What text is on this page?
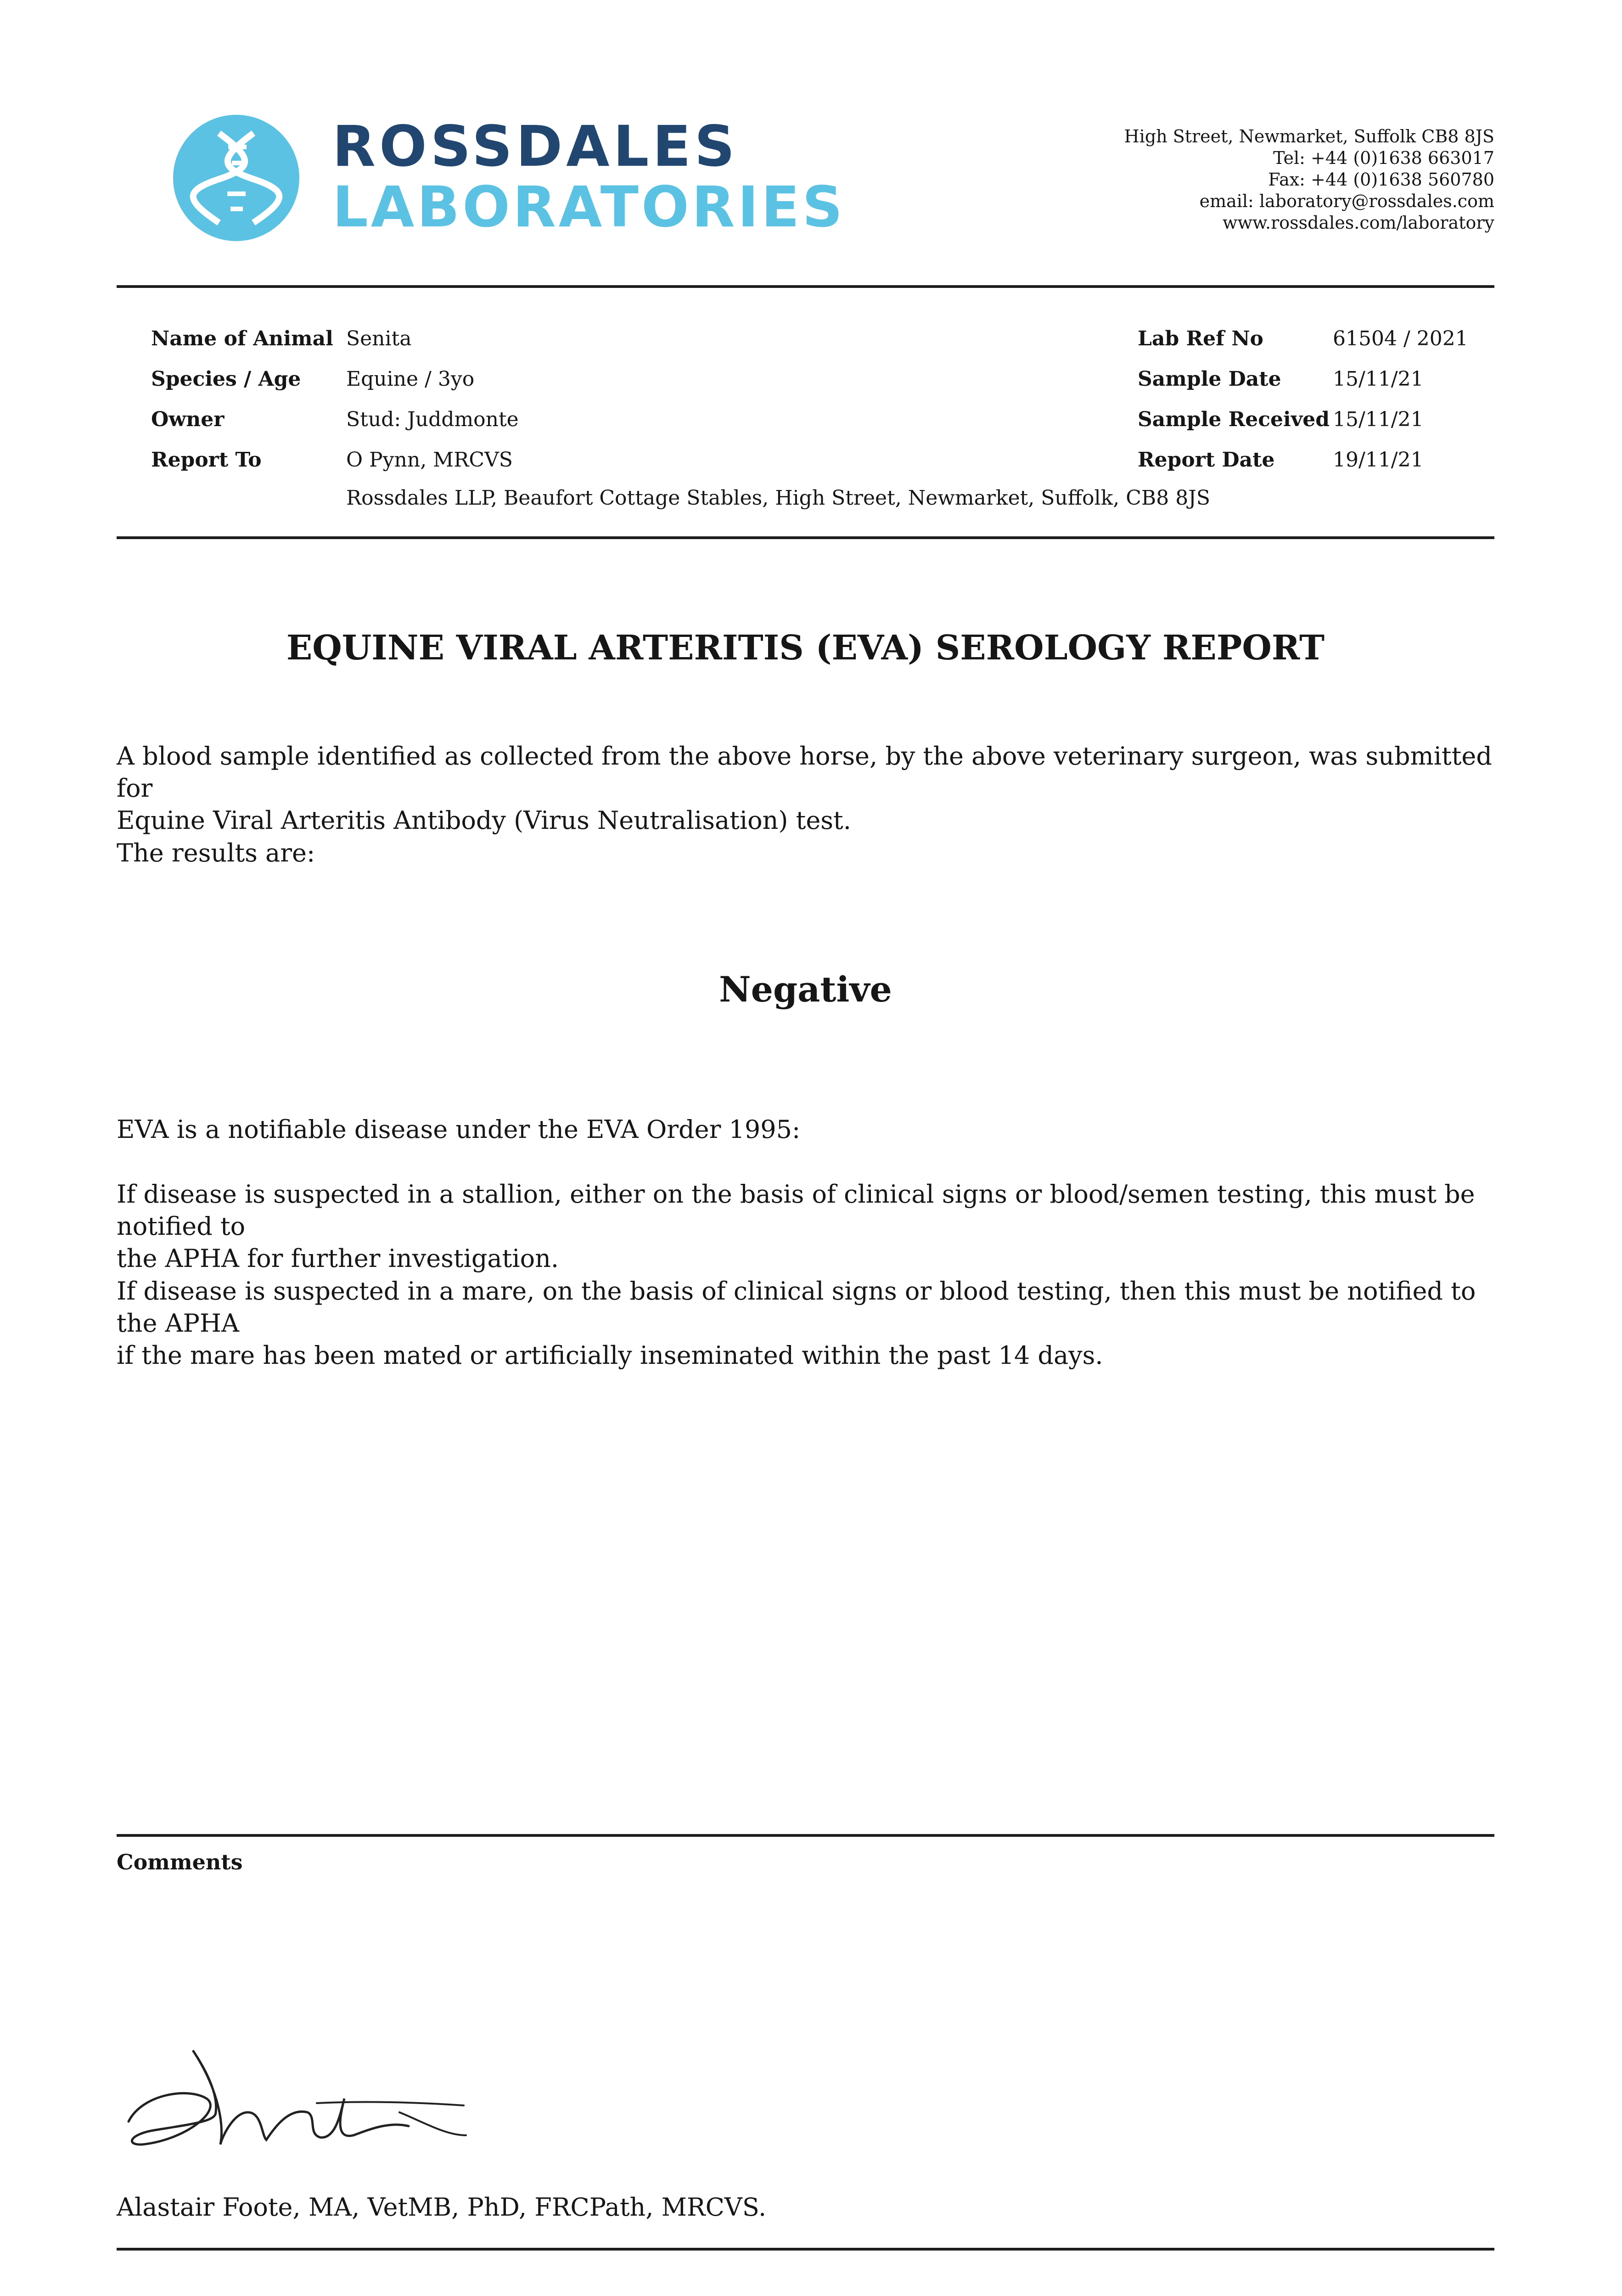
ROSSDALES
LABORATORIES
High Street, Newmarket, Suffolk CB8 8JS
Tel: +44 (0)1638 663017
Fax: +44 (0)1638 560780
email: laboratory@rossdales.com
www.rossdales.com/laboratory
Name of Animal Senita
Species / Age Equine / 3yo
Owner	Stud: Juddmonte
Report To	O Pynn, MRCVS
Rossdales LLP, Beaufort Cottage Stables, High Street, Newmarket, Suffolk, CB8 8JS
Lab Ref No	61504 / 2021
Sample Date	15/11/21
Sample Received 15/11/21
Report Date	19/11/21
EQUINE VIRAL ARTERITIS (EVA) SEROLOGY REPORT
A blood sample identified as collected from the above horse, by the above veterinary surgeon, was submitted for
Equine Viral Arteritis Antibody (Virus Neutralisation) test.
The results are:
Negative
EVA is a notifiable disease under the EVA Order 1995:
If disease is suspected in a stallion, either on the basis of clinical signs or blood/semen testing, this must be notified to
the APHA for further investigation.
If disease is suspected in a mare, on the basis of clinical signs or blood testing, then this must be notified to the APHA
if the mare has been mated or artificially inseminated within the past 14 days.
Comments
Alastair Foote, MA, VetMB, PhD, FRCPath, MRCVS.
